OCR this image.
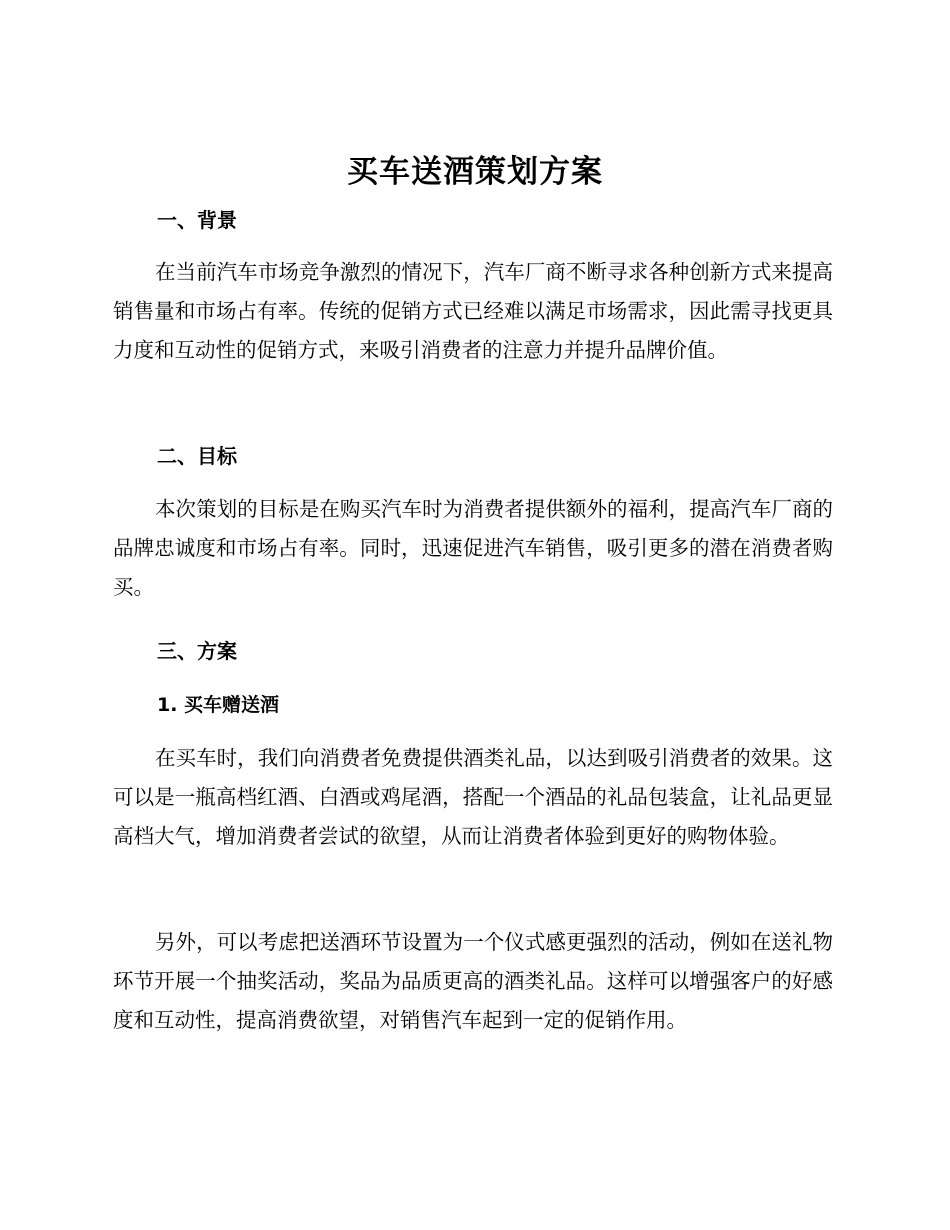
买车送酒策划方案
一、背景

在当前汽车市场竞争激烈的情况下，汽车厂商不断寻求各种创新方式来提高销售量和市场占有率。传统的促销方式已经难以满足市场需求，因此需寻找更具力度和互动性的促销方式，来吸引消费者的注意力并提升品牌价值。

二、目标

本次策划的目标是在购买汽车时为消费者提供额外的福利，提高汽车厂商的品牌忠诚度和市场占有率。同时，迅速促进汽车销售，吸引更多的潜在消费者购买。

三、方案
1. 买车赠送酒

在买车时，我们向消费者免费提供酒类礼品，以达到吸引消费者的效果。这可以是一瓶高档红酒、白酒或鸡尾酒，搭配一个酒品的礼品包装盒，让礼品更显高档大气，增加消费者尝试的欲望，从而让消费者体验到更好的购物体验。

另外，可以考虑把送酒环节设置为一个仪式感更强烈的活动，例如在送礼物环节开展一个抽奖活动，奖品为品质更高的酒类礼品。这样可以增强客户的好感度和互动性，提高消费欲望，对销售汽车起到一定的促销作用。
